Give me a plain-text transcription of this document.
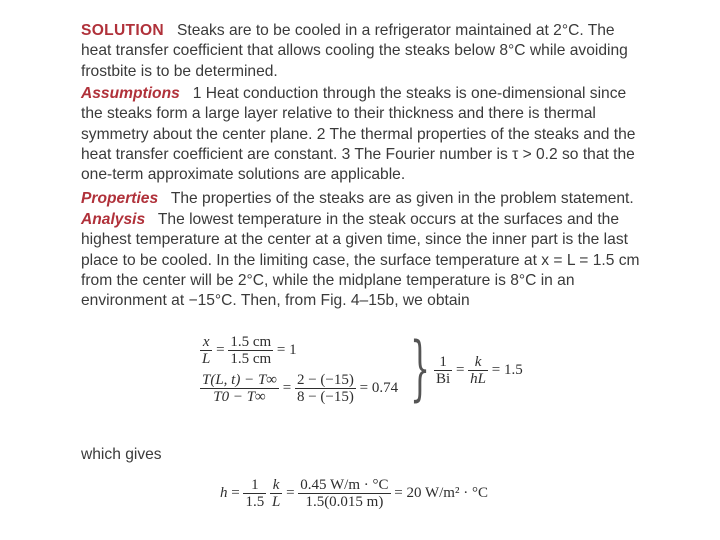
SOLUTION Steaks are to be cooled in a refrigerator maintained at 2°C. The heat transfer coefficient that allows cooling the steaks below 8°C while avoiding frostbite is to be determined.
Assumptions 1 Heat conduction through the steaks is one-dimensional since the steaks form a large layer relative to their thickness and there is thermal symmetry about the center plane. 2 The thermal properties of the steaks and the heat transfer coefficient are constant. 3 The Fourier number is τ > 0.2 so that the one-term approximate solutions are applicable.
Properties The properties of the steaks are as given in the problem statement.
Analysis The lowest temperature in the steak occurs at the surfaces and the highest temperature at the center at a given time, since the inner part is the last place to be cooled. In the limiting case, the surface temperature at x = L = 1.5 cm from the center will be 2°C, while the midplane temperature is 8°C in an environment at −15°C. Then, from Fig. 4–15b, we obtain
$\frac{x}{L} = \frac{1.5 cm}{1.5 cm} = 1$
$\frac{T(L, t) - T\infty}{T0 - T\infty} = \frac{2 - (-15)}{8 - (-15)} = 0.74$ } $\frac{1}{Bi} = \frac{k}{hL} = 1.5$
which gives
$h = \frac{1}{1.5}$
$\frac{k}{L} = \frac{0.45 W/m \cdot ^\circ C}{1.5(0.015 m)} = 20$ W/m² · °C
